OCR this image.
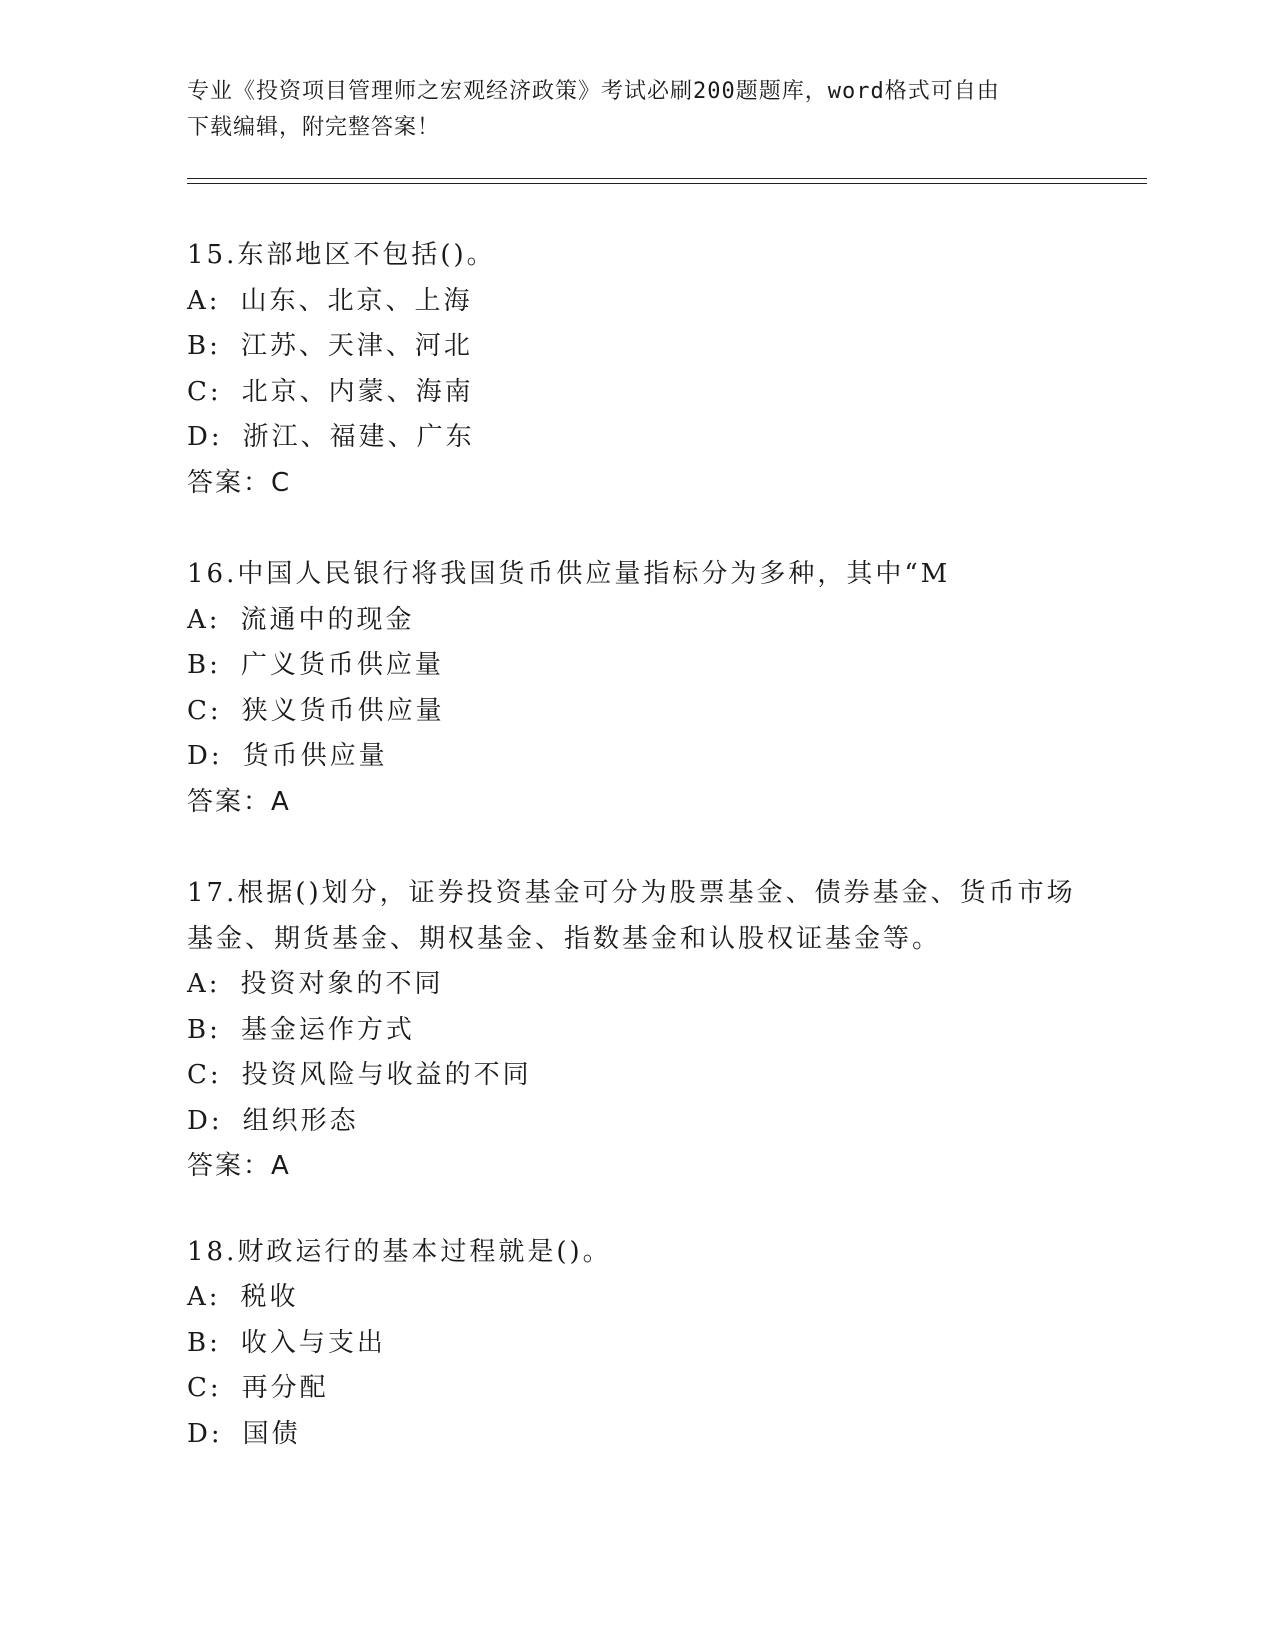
专业《投资项目管理师之宏观经济政策》考试必刷200题题库，word格式可自由
下载编辑，附完整答案！
15.东部地区不包括()。
A: 山东、北京、上海
B: 江苏、天津、河北
C: 北京、内蒙、海南
D: 浙江、福建、广东
答案：C
16.中国人民银行将我国货币供应量指标分为多种，其中“M
A: 流通中的现金
B: 广义货币供应量
C: 狭义货币供应量
D: 货币供应量
答案：A
17.根据()划分，证券投资基金可分为股票基金、债券基金、货币市场
基金、期货基金、期权基金、指数基金和认股权证基金等。
A: 投资对象的不同
B: 基金运作方式
C: 投资风险与收益的不同
D: 组织形态
答案：A
18.财政运行的基本过程就是()。
A: 税收
B: 收入与支出
C: 再分配
D: 国债
